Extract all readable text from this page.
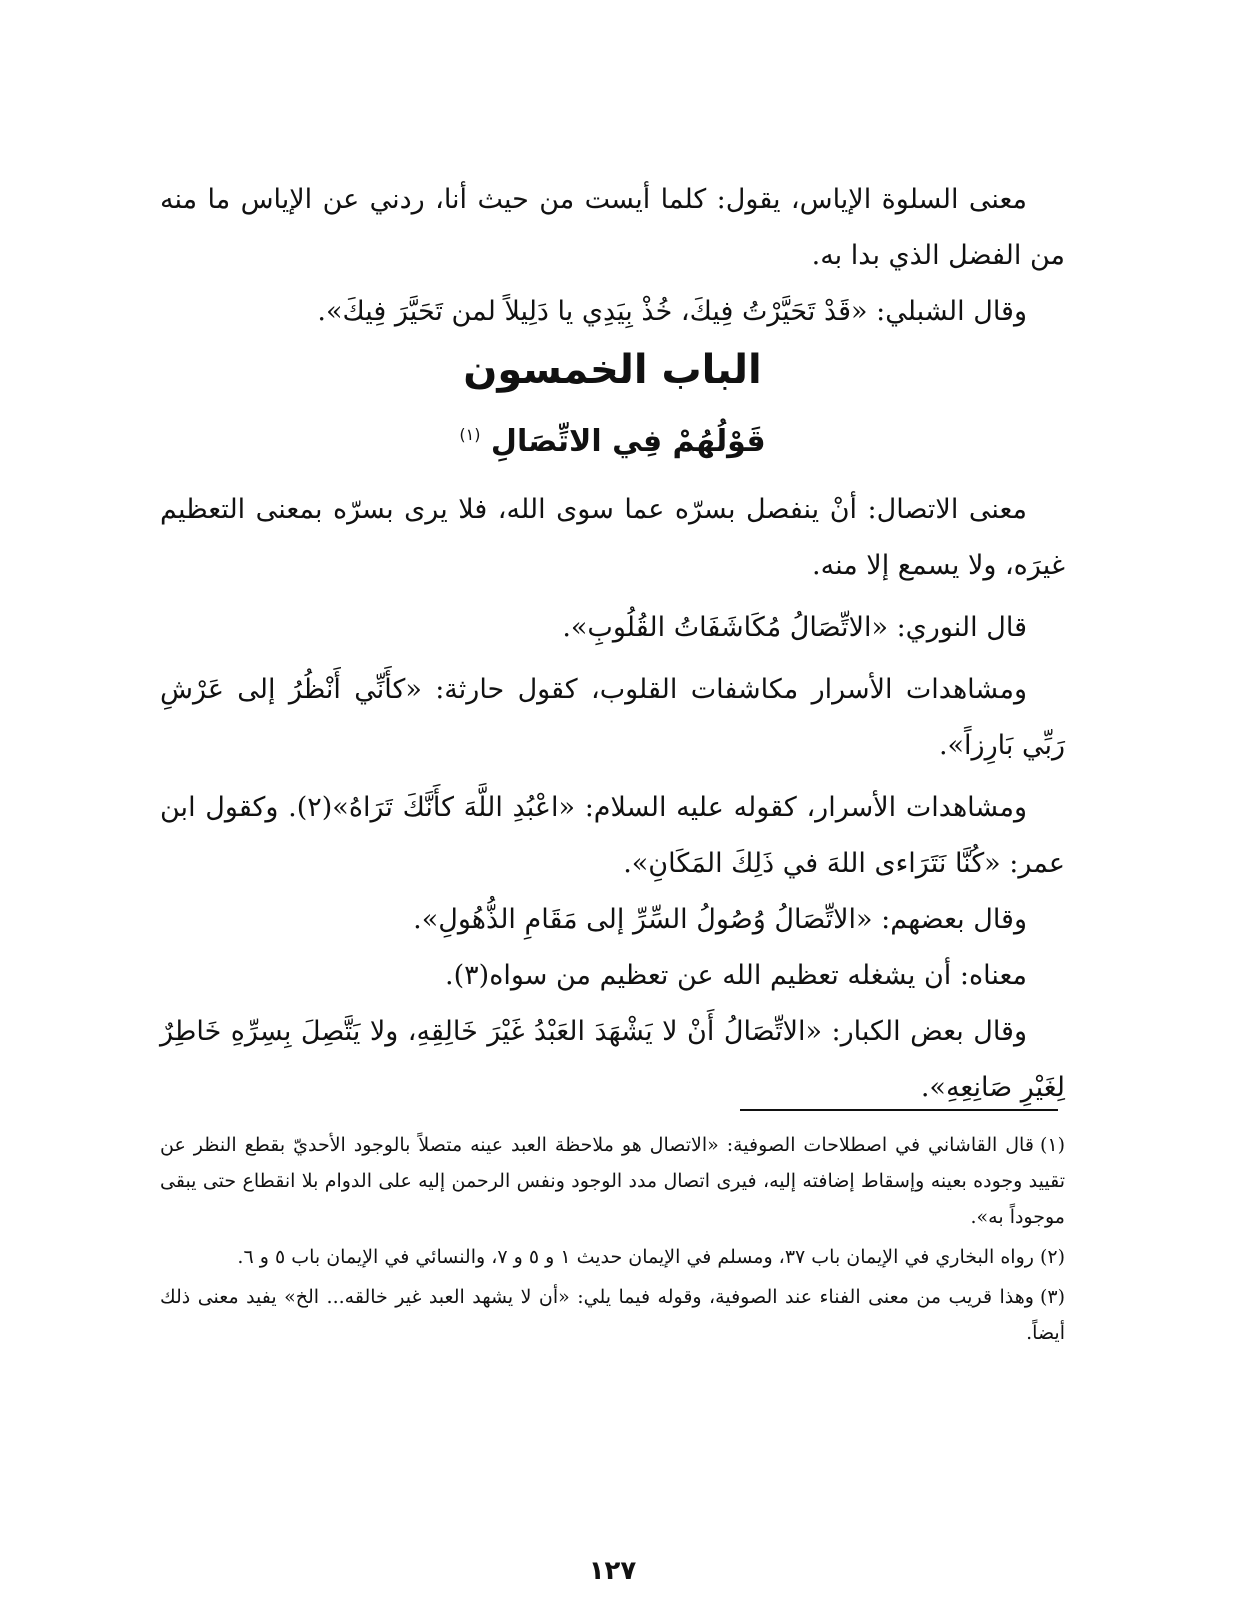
معنى السلوة الإياس، يقول: كلما أيست من حيث أنا، ردني عن الإياس ما منه من الفضل الذي بدا به.

وقال الشبلي: «قَدْ تَحَيَّرْتُ فِيكَ، خُذْ بِيَدِي يا دَلِيلاً لمن تَحَيَّرَ فِيكَ».

الباب الخمسون
قَوْلُهُمْ فِي الاتِّصَالِ $^{(١)}$

معنى الاتصال: أنْ ينفصل بسرّه عما سوى الله، فلا يرى بسرّه بمعنى التعظيم غيرَه، ولا يسمع إلا منه.

قال النوري: «الاتِّصَالُ مُكَاشَفَاتُ القُلُوبِ».

ومشاهدات الأسرار مكاشفات القلوب، كقول حارثة: «كأَنِّي أَنْظُرُ إلى عَرْشِ رَبِّي بَارِزاً».

ومشاهدات الأسرار، كقوله عليه السلام: «اعْبُدِ اللَّهَ كأَنَّكَ تَرَاهُ»(٢). وكقول ابن عمر: «كُنَّا نَتَرَاءى اللهَ في ذَلِكَ المَكَانِ».

وقال بعضهم: «الاتِّصَالُ وُصُولُ السِّرِّ إلى مَقَامِ الذُّهُولِ».

معناه: أن يشغله تعظيم الله عن تعظيم من سواه(٣).

وقال بعض الكبار: «الاتِّصَالُ أَنْ لا يَشْهَدَ العَبْدُ غَيْرَ خَالِقِهِ، ولا يَتَّصِلَ بِسِرِّهِ خَاطِرٌ لِغَيْرِ صَانِعِهِ».

(١)قال القاشاني في اصطلاحات الصوفية: «الاتصال هو ملاحظة العبد عينه متصلاً بالوجود الأحديّ بقطع النظر عن تقييد وجوده بعينه وإسقاط إضافته إليه، فيرى اتصال مدد الوجود ونفس الرحمن إليه على الدوام بلا انقطاع حتى يبقى موجوداً به».

(٢)رواه البخاري في الإيمان باب ٣٧، ومسلم في الإيمان حديث ١ و ٥ و ٧، والنسائي في الإيمان باب ٥ و ٦.

(٣)وهذا قريب من معنى الفناء عند الصوفية، وقوله فيما يلي: «أن لا يشهد العبد غير خالقه... الخ» يفيد معنى ذلك أيضاً.

١٢٧
